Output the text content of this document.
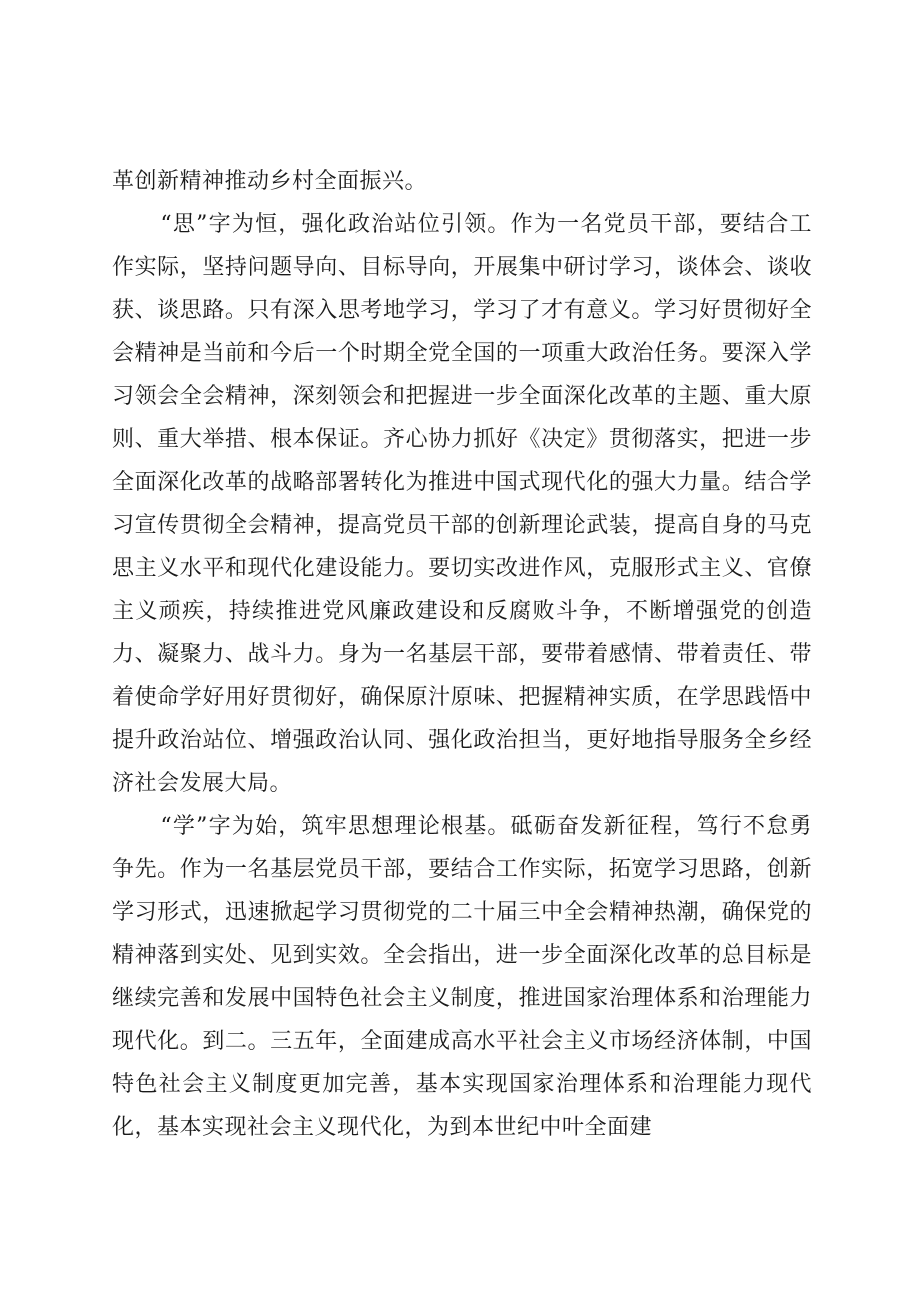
革创新精神推动乡村全面振兴。

“思”字为恒，强化政治站位引领。作为一名党员干部，要结合工作实际，坚持问题导向、目标导向，开展集中研讨学习，谈体会、谈收获、谈思路。只有深入思考地学习，学习了才有意义。学习好贯彻好全会精神是当前和今后一个时期全党全国的一项重大政治任务。要深入学习领会全会精神，深刻领会和把握进一步全面深化改革的主题、重大原则、重大举措、根本保证。齐心协力抓好《决定》贯彻落实，把进一步全面深化改革的战略部署转化为推进中国式现代化的强大力量。结合学习宣传贯彻全会精神，提高党员干部的创新理论武装，提高自身的马克思主义水平和现代化建设能力。要切实改进作风，克服形式主义、官僚主义顽疾，持续推进党风廉政建设和反腐败斗争，不断增强党的创造力、凝聚力、战斗力。身为一名基层干部，要带着感情、带着责任、带着使命学好用好贯彻好，确保原汁原味、把握精神实质，在学思践悟中提升政治站位、增强政治认同、强化政治担当，更好地指导服务全乡经济社会发展大局。

“学”字为始，筑牢思想理论根基。砥砺奋发新征程，笃行不怠勇争先。作为一名基层党员干部，要结合工作实际，拓宽学习思路，创新学习形式，迅速掀起学习贯彻党的二十届三中全会精神热潮，确保党的精神落到实处、见到实效。全会指出，进一步全面深化改革的总目标是继续完善和发展中国特色社会主义制度，推进国家治理体系和治理能力现代化。到二。三五年，全面建成高水平社会主义市场经济体制，中国特色社会主义制度更加完善，基本实现国家治理体系和治理能力现代化，基本实现社会主义现代化，为到本世纪中叶全面建
